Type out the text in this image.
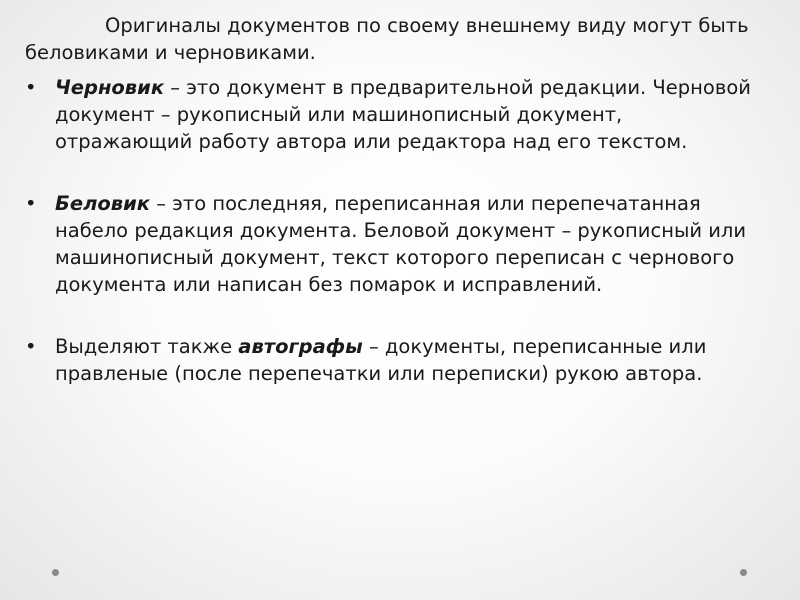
Оригиналы документов по своему внешнему виду могут быть беловиками и черновиками.

• Черновик – это документ в предварительной редакции. Черновой документ – рукописный или машинописный документ, отражающий работу автора или редактора над его текстом.
• Беловик – это последняя, переписанная или перепечатанная набело редакция документа. Беловой документ – рукописный или машинописный документ, текст которого переписан с чернового документа или написан без помарок и исправлений.
• Выделяют также автографы – документы, переписанные или правленые (после перепечатки или переписки) рукою автора.
